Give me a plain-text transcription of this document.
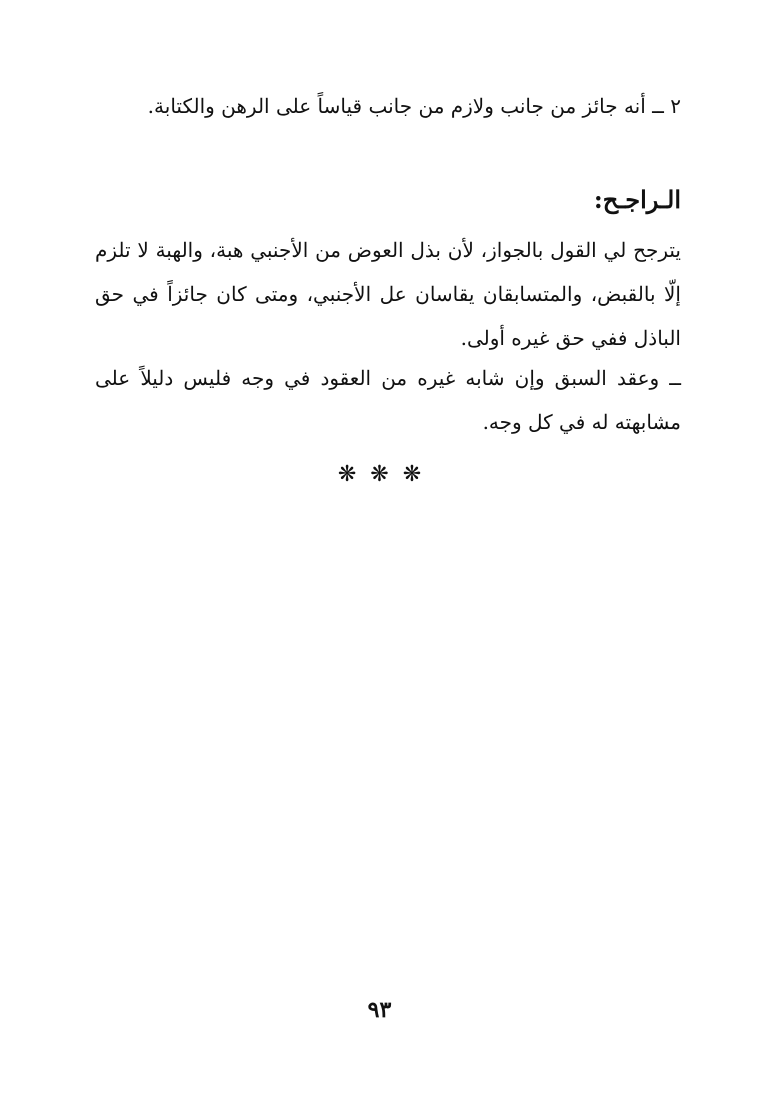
٢ ــ أنه جائز من جانب ولازم من جانب قياساً على الرهن والكتابة.

الـراجـح:

يترجح لي القول بالجواز، لأن بذل العوض من الأجنبي هبة، والهبة لا تلزم إلّا بالقبض، والمتسابقان يقاسان عل الأجنبي، ومتى كان جائزاً في حق الباذل ففي حق غيره أولى.

ــ وعقد السبق وإن شابه غيره من العقود في وجه فليس دليلاً على مشابهته له في كل وجه.

❋❋❋
٩٣
